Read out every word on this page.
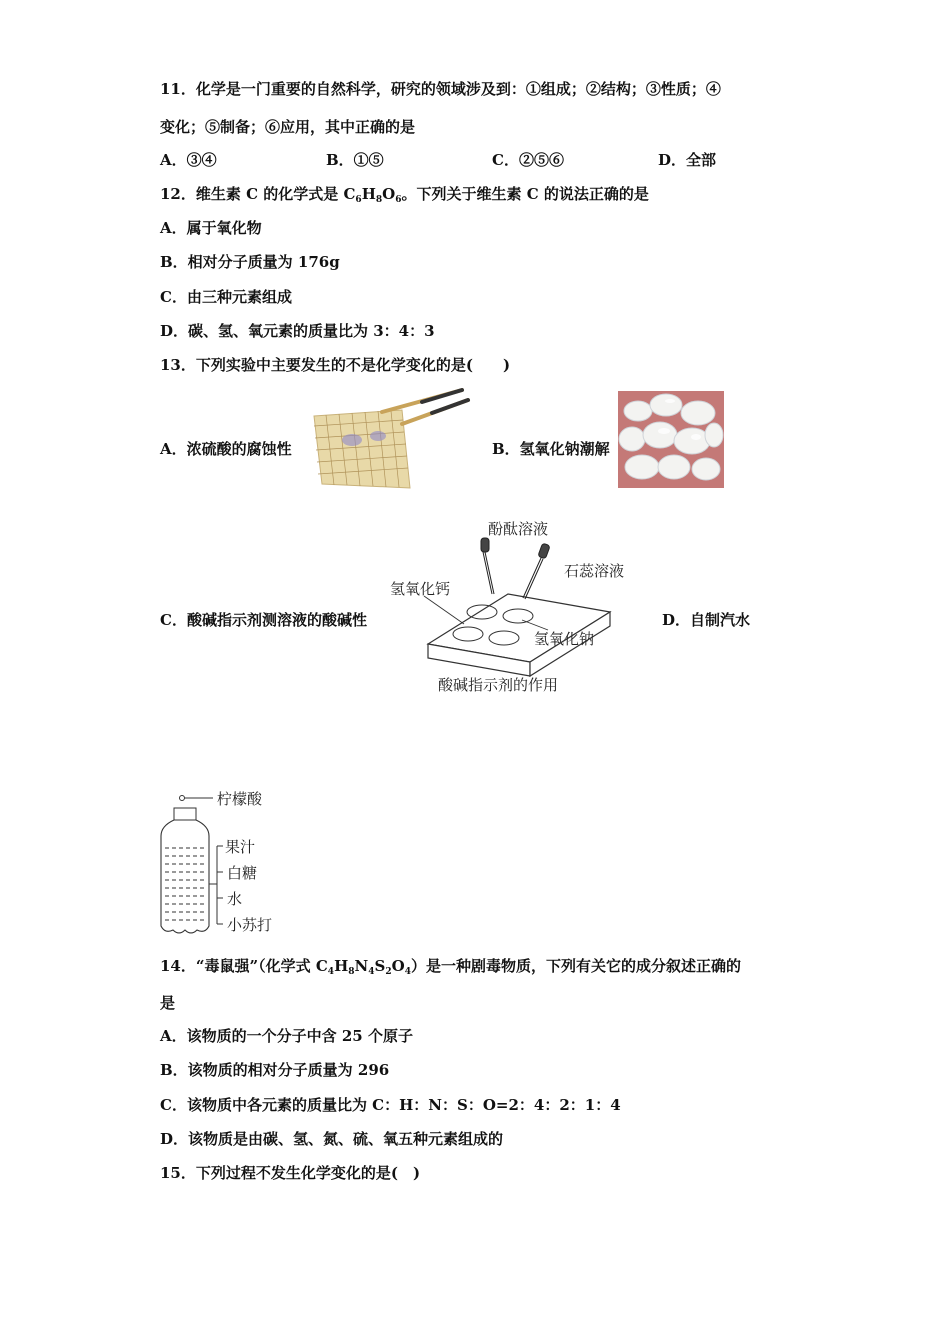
11．化学是一门重要的自然科学，研究的领域涉及到：①组成；②结构；③性质；④
变化；⑤制备；⑥应用，其中正确的是
A．③④	B．①⑤	C．②⑤⑥	D．全部
12．维生素 C 的化学式是 $C_6H_8O_6$。下列关于维生素 C 的说法正确的是
A．属于氧化物
B．相对分子质量为 176g
C．由三种元素组成
D．碳、氢、氧元素的质量比为 3：4：3
13．下列实验中主要发生的不是化学变化的是(　　)
A．浓硫酸的腐蚀性	B．氢氧化钠潮解
C．酸碱指示剂测溶液的酸碱性
酚酞溶液
石蕊溶液
氢氧化钙
氢氧化钠
酸碱指示剂的作用
D．自制汽水
柠檬酸
果汁
白糖
水
小苏打
14．“毒鼠强”（化学式 $C_4H_8N_4S_2O_4$）是一种剧毒物质，下列有关它的成分叙述正确的
是
A．该物质的一个分子中含 25 个原子
B．该物质的相对分子质量为 296
C．该物质中各元素的质量比为 C：H：N：S：O=2：4：2：1：4
D．该物质是由碳、氢、氮、硫、氧五种元素组成的
15．下列过程不发生化学变化的是(　)
